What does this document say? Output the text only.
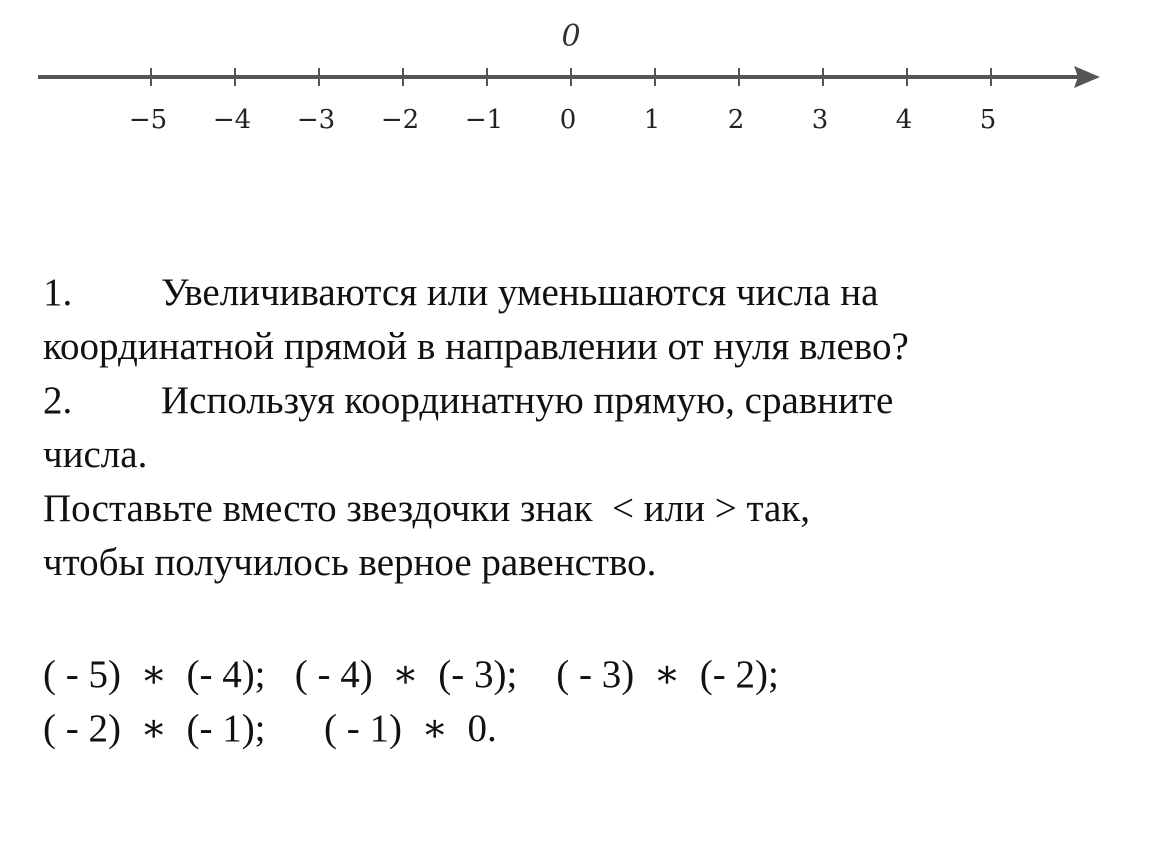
0
−5 −4 −3 −2 −1 0	1	2	3	4	5
1. Увеличиваются или уменьшаются числа на
координатной прямой в направлении от нуля влево?
2. Используя координатную прямую, сравните
числа.
Поставьте вместо звездочки знак  < или > так,
чтобы получилось верное равенство.
( - 5)  ∗  (- 4);   ( - 4)  ∗  (- 3);    ( - 3)  ∗  (- 2);
( - 2)  ∗  (- 1);      ( - 1)  ∗  0.
